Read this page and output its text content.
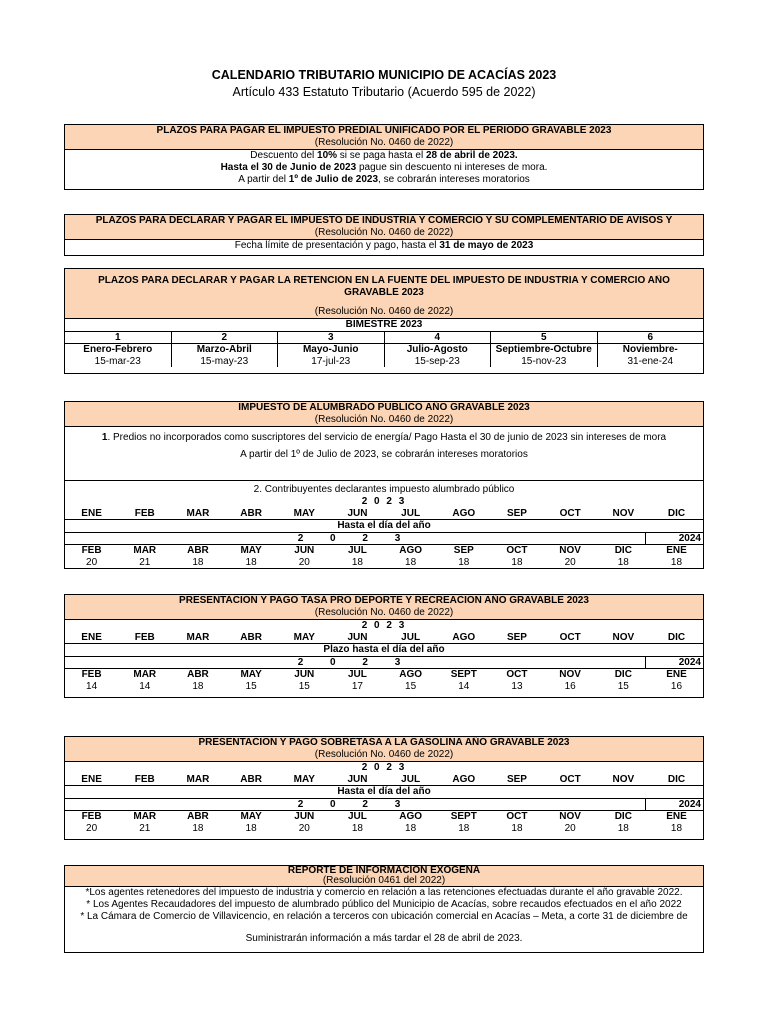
CALENDARIO TRIBUTARIO MUNICIPIO DE ACACÍAS 2023
Artículo 433 Estatuto Tributario (Acuerdo 595 de 2022)
PLAZOS PARA PAGAR EL IMPUESTO PREDIAL UNIFICADO POR EL PERIODO GRAVABLE 2023
(Resolución No. 0460 de 2022)
Descuento del 10% si se paga hasta el 28 de abril de 2023.
Hasta el 30 de Junio de 2023 pague sin descuento ni intereses de mora.
A partir del 1º de Julio de 2023, se cobrarán intereses moratorios
PLAZOS PARA DECLARAR Y PAGAR EL IMPUESTO DE INDUSTRIA Y COMERCIO Y SU COMPLEMENTARIO DE AVISOS Y
(Resolución No. 0460 de 2022)
Fecha límite de presentación y pago, hasta el 31 de mayo de 2023
PLAZOS PARA DECLARAR Y PAGAR LA RETENCIÓN EN LA FUENTE DEL IMPUESTO DE INDUSTRIA Y COMERCIO AÑO
GRAVABLE 2023
(Resolución No. 0460 de 2022)
BIMESTRE 2023
1	2	3	4	5	6
Enero-Febrero	Marzo-Abril	Mayo-Junio	Julio-Agosto	Septiembre-Octubre	Noviembre-
15-mar-23	15-may-23	17-jul-23	15-sep-23	15-nov-23	31-ene-24
IMPUESTO DE ALUMBRADO PUBLICO AÑO GRAVABLE 2023
(Resolución No. 0460 de 2022)
1. Predios no incorporados como suscriptores del servicio de energía/ Pago Hasta el 30 de junio de 2023 sin intereses de mora
A partir del 1º de Julio de 2023, se cobrarán intereses moratorios
2. Contribuyentes declarantes impuesto alumbrado público
2 0 2 3
ENE	FEB	MAR	ABR	MAY	JUN	JUL	AGO	SEP	OCT	NOV	DIC
Hasta el día del año
2 0 2 3	2024
FEB	MAR	ABR	MAY	JUN	JUL	AGO	SEP	OCT	NOV	DIC	ENE
20	21	18	18	20	18	18	18	18	20	18	18
PRESENTACION Y PAGO TASA PRO DEPORTE Y RECREACION AÑO GRAVABLE 2023
(Resolución No. 0460 de 2022)
2 0 2 3
ENE	FEB	MAR	ABR	MAY	JUN	JUL	AGO	SEP	OCT	NOV	DIC
Plazo hasta el día del año
2 0 2 3	2024
FEB	MAR	ABR	MAY	JUN	JUL	AGO	SEPT	OCT	NOV	DIC	ENE
14	14	18	15	15	17	15	14	13	16	15	16
PRESENTACION Y PAGO SOBRETASA A LA GASOLINA AÑO GRAVABLE 2023
(Resolución No. 0460 de 2022)
2 0 2 3
ENE	FEB	MAR	ABR	MAY	JUN	JUL	AGO	SEP	OCT	NOV	DIC
Hasta el día del año
2 0 2 3	2024
FEB	MAR	ABR	MAY	JUN	JUL	AGO	SEPT	OCT	NOV	DIC	ENE
20	21	18	18	20	18	18	18	18	20	18	18
REPORTE DE INFORMACION EXOGENA
(Resolución 0461 del 2022)
*Los agentes retenedores del impuesto de industria y comercio en relación a las retenciones efectuadas durante el año gravable 2022.
* Los Agentes Recaudadores del impuesto de alumbrado público del Municipio de Acacías, sobre recaudos efectuados en el año 2022
* La Cámara de Comercio de Villavicencio, en relación a terceros con ubicación comercial en Acacías – Meta, a corte 31 de diciembre de
Suministrarán información a más tardar el 28 de abril de 2023.
